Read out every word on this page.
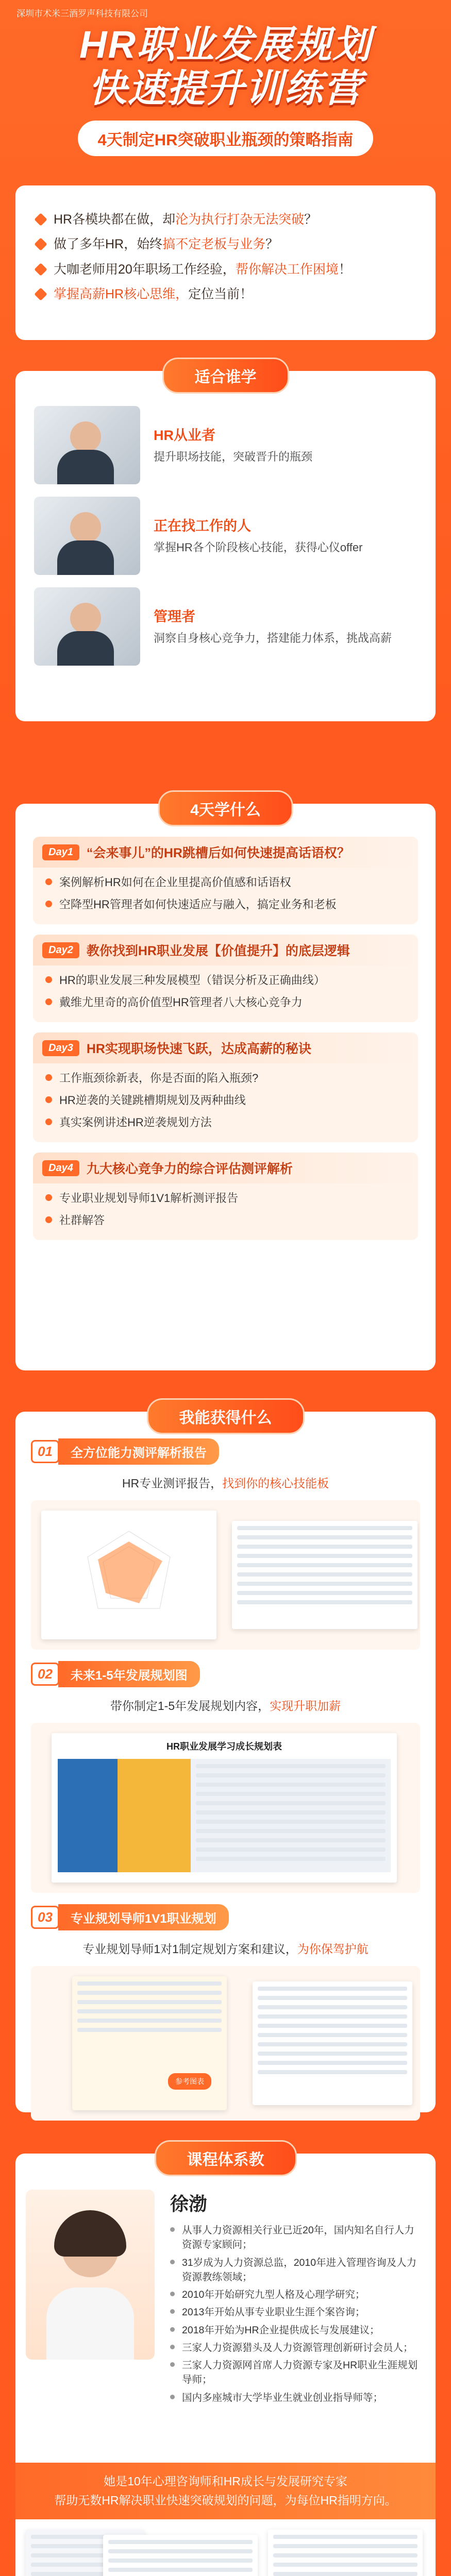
深圳市术米三酒罗声科技有限公司
HR职业发展规划
快速提升训练营
4天制定HR突破职业瓶颈的策略指南
HR各模块都在做，却 沦为执行打杂无法突破 ？
做了多年HR，始终 搞不定老板与业务 ？
大咖老师用20年职场工作经验， 帮你解决工作困境 ！
掌握高薪HR核心思维， 定位当前！
适合谁学
HR从业者
提升职场技能，突破晋升的瓶颈
正在找工作的人
掌握HR各个阶段核心技能，获得心仪offer
管理者
洞察自身核心竞争力，搭建能力体系，挑战高薪
4天学什么
Day1	“会来事儿”的HR跳槽后如何快速提高话语权？
案例解析HR如何在企业里提高价值感和话语权
空降型HR管理者如何快速适应与融入，搞定业务和老板
Day2	教你找到HR职业发展【价值提升】的底层逻辑
HR的职业发展三种发展模型（错误分析及正确曲线）
戴维尤里奇的高价值型HR管理者八大核心竞争力
Day3	HR实现职场快速飞跃，达成高薪的秘诀
工作瓶颈徐新表，你是否面的陷入瓶颈?
HR逆袭的关键跳槽期规划及两种曲线
真实案例讲述HR逆袭规划方法
Day4	九大核心竞争力的综合评估测评解析
专业职业规划导师1V1解析测评报告
社群解答
我能获得什么
01	全方位能力测评解析报告
HR专业测评报告，找到你的核心技能板
02	未来1-5年发展规划图
带你制定1-5年发展规划内容，实现升职加薪
HR职业发展学习成长规划表
03	专业规划导师1V1职业规划
专业规划导师1对1制定规划方案和建议，为你保驾护航
参考图表
课程体系教
徐渤
从事人力资源相关行业已近20年，国内知名自行人力资源专家顾问；
31岁成为人力资源总监，2010年进入管理咨询及人力资源教练领域；
2010年开始研究九型人格及心理学研究；
2013年开始从事专业职业生涯个案咨询；
2018年开始为HR企业提供成长与发展建议；
三家人力资源猎头及人力资源管理创新研讨会员人；
三家人力资源网首席人力资源专家及HR职业生涯规划导师；
国内多座城市大学毕业生就业创业指导师等；
她是10年心理咨询师和HR成长与发展研究专家
帮助无数HR解决职业快速突破规划的问题，为每位HR指明方向。
